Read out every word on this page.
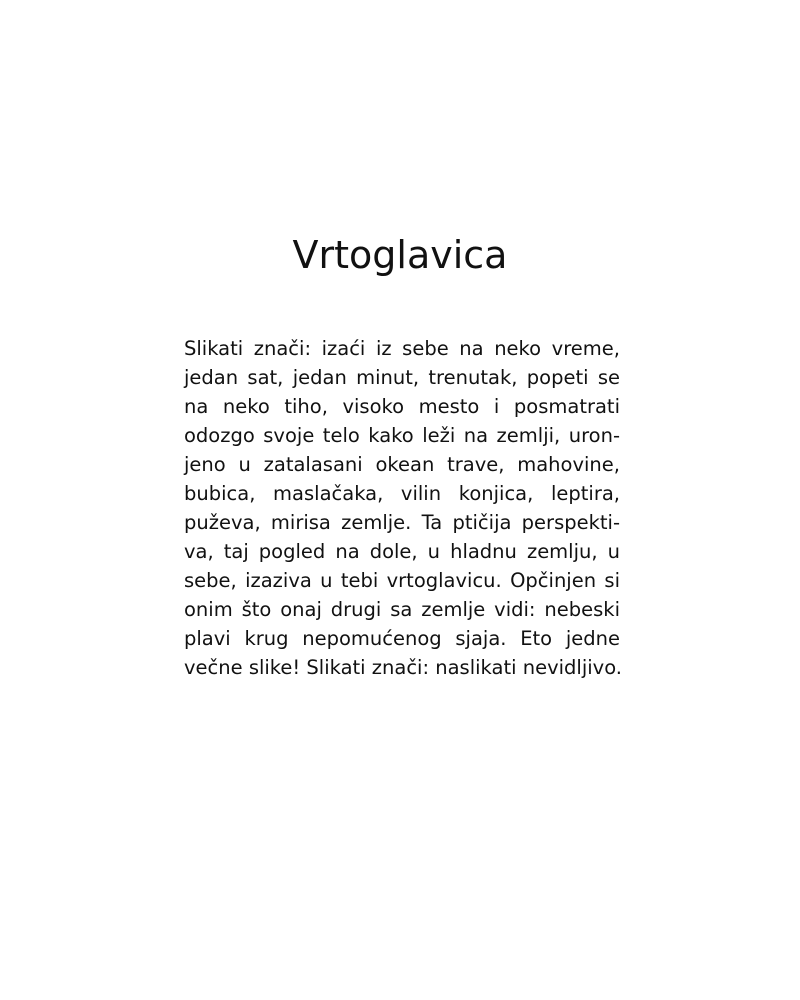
Vrtoglavica
Slikati znači: izaći iz sebe na neko vreme,
jedan sat, jedan minut, trenutak, popeti se
na neko tiho, visoko mesto i posmatrati
odozgo svoje telo kako leži na zemlji, uron-
jeno u zatalasani okean trave, mahovine,
bubica, maslačaka, vilin konjica, leptira,
puževa, mirisa zemlje. Ta ptičija perspekti-
va, taj pogled na dole, u hladnu zemlju, u
sebe, izaziva u tebi vrtoglavicu. Opčinjen si
onim što onaj drugi sa zemlje vidi: nebeski
plavi krug nepomućenog sjaja. Eto jedne
večne slike! Slikati znači: naslikati nevidljivo.
